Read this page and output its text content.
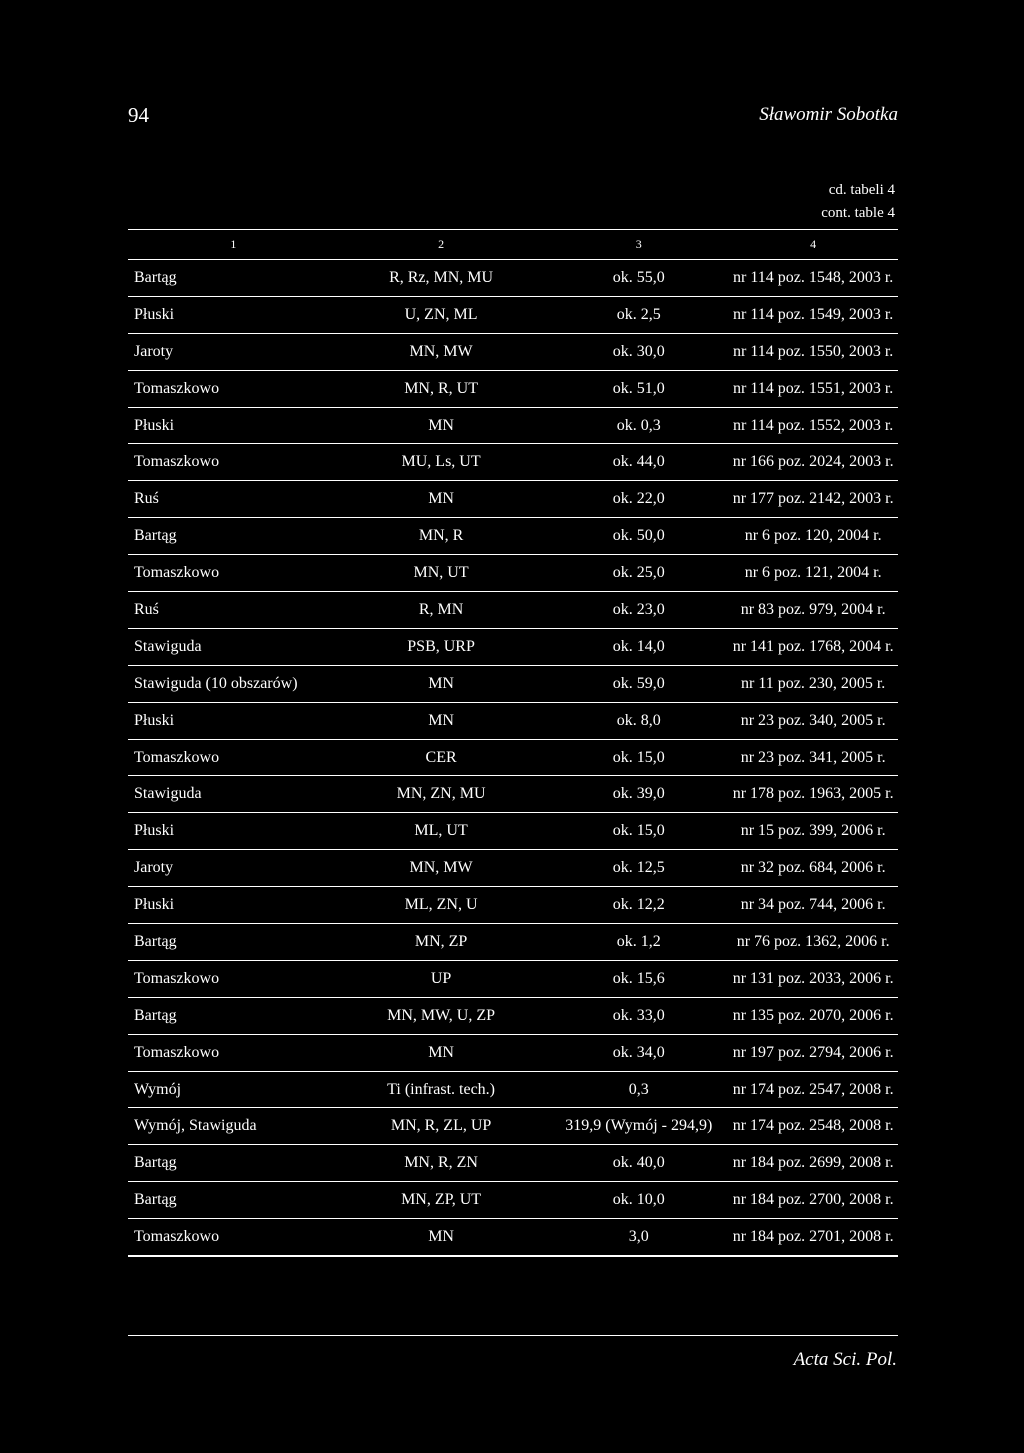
94	Sławomir Sobotka
cd. tabeli 4
cont. table 4
1	2	3	4
Bartąg	R, Rz, MN, MU	ok. 55,0	nr 114 poz. 1548, 2003 r.
Płuski	U, ZN, ML	ok. 2,5	nr 114 poz. 1549, 2003 r.
Jaroty	MN, MW	ok. 30,0	nr 114 poz. 1550, 2003 r.
Tomaszkowo	MN, R, UT	ok. 51,0	nr 114 poz. 1551, 2003 r.
Płuski	MN	ok. 0,3	nr 114 poz. 1552, 2003 r.
Tomaszkowo	MU, Ls, UT	ok. 44,0	nr 166 poz. 2024, 2003 r.
Ruś	MN	ok. 22,0	nr 177 poz. 2142, 2003 r.
Bartąg	MN, R	ok. 50,0	nr 6 poz. 120, 2004 r.
Tomaszkowo	MN, UT	ok. 25,0	nr 6 poz. 121, 2004 r.
Ruś	R, MN	ok. 23,0	nr 83 poz. 979, 2004 r.
Stawiguda	PSB, URP	ok. 14,0	nr 141 poz. 1768, 2004 r.
Stawiguda (10 obszarów)	MN	ok. 59,0	nr 11 poz. 230, 2005 r.
Płuski	MN	ok. 8,0	nr 23 poz. 340, 2005 r.
Tomaszkowo	CER	ok. 15,0	nr 23 poz. 341, 2005 r.
Stawiguda	MN, ZN, MU	ok. 39,0	nr 178 poz. 1963, 2005 r.
Płuski	ML, UT	ok. 15,0	nr 15 poz. 399, 2006 r.
Jaroty	MN, MW	ok. 12,5	nr 32 poz. 684, 2006 r.
Płuski	ML, ZN, U	ok. 12,2	nr 34 poz. 744, 2006 r.
Bartąg	MN, ZP	ok. 1,2	nr 76 poz. 1362, 2006 r.
Tomaszkowo	UP	ok. 15,6	nr 131 poz. 2033, 2006 r.
Bartąg	MN, MW, U, ZP	ok. 33,0	nr 135 poz. 2070, 2006 r.
Tomaszkowo	MN	ok. 34,0	nr 197 poz. 2794, 2006 r.
Wymój	Ti (infrast. tech.)	0,3	nr 174 poz. 2547, 2008 r.
Wymój, Stawiguda	MN, R, ZL, UP	319,9 (Wymój - 294,9)	nr 174 poz. 2548, 2008 r.
Bartąg	MN, R, ZN	ok. 40,0	nr 184 poz. 2699, 2008 r.
Bartąg	MN, ZP, UT	ok. 10,0	nr 184 poz. 2700, 2008 r.
Tomaszkowo	MN	3,0	nr 184 poz. 2701, 2008 r.
Acta Sci. Pol.
